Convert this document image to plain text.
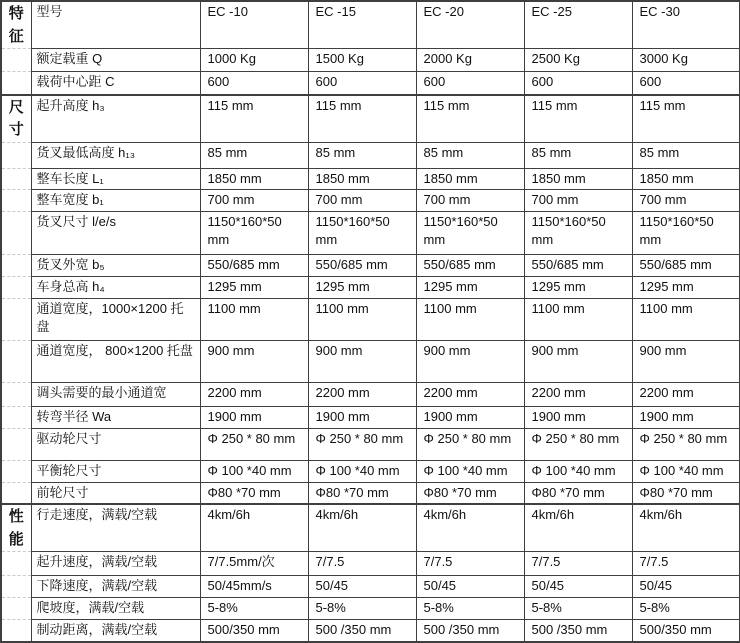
特征	型号	EC -10	EC -15	EC -20	EC -25	EC -30
	额定载重 Q	1000 Kg	1500 Kg	2000 Kg	2500 Kg	3000 Kg
	载荷中心距 C	600	600	600	600	600

尺寸	起升高度 h₃	115 mm	115 mm	115 mm	115 mm	115 mm
	货叉最低高度 h₁₃	85 mm	85 mm	85 mm	85 mm	85 mm
	整车长度 L₁	1850 mm	1850 mm	1850 mm	1850 mm	1850 mm
	整车宽度 b₁	700 mm	700 mm	700 mm	700 mm	700 mm
	货叉尺寸 l/e/s	1150*160*50 mm	1150*160*50 mm	1150*160*50 mm	1150*160*50 mm	1150*160*50 mm
	货叉外宽 b₅	550/685 mm	550/685 mm	550/685 mm	550/685 mm	550/685 mm
	车身总高 h₄	1295 mm	1295 mm	1295 mm	1295 mm	1295 mm
	通道宽度，1000×1200 托盘	1100 mm	1100 mm	1100 mm	1100 mm	1100 mm
	通道宽度， 800×1200 托盘	900 mm	900 mm	900 mm	900 mm	900 mm
	调头需要的最小通道宽	2200 mm	2200 mm	2200 mm	2200 mm	2200 mm
	转弯半径 Wa	1900 mm	1900 mm	1900 mm	1900 mm	1900 mm
	驱动轮尺寸	Φ 250 * 80 mm	Φ 250 * 80 mm	Φ 250 * 80 mm	Φ 250 * 80 mm	Φ 250 * 80 mm
	平衡轮尺寸	Φ 100 *40 mm	Φ 100 *40 mm	Φ 100 *40 mm	Φ 100 *40 mm	Φ 100 *40 mm
	前轮尺寸	Φ80 *70 mm	Φ80 *70 mm	Φ80 *70 mm	Φ80 *70 mm	Φ80 *70 mm

性能	行走速度，满载/空载	4km/6h	4km/6h	4km/6h	4km/6h	4km/6h
	起升速度，满载/空载	7/7.5mm/次	7/7.5	7/7.5	7/7.5	7/7.5
	下降速度，满载/空载	50/45mm/s	50/45	50/45	50/45	50/45
	爬坡度，满载/空载	5-8%	5-8%	5-8%	5-8%	5-8%
	制动距离，满载/空载	500/350 mm	500 /350 mm	500 /350 mm	500 /350 mm	500/350 mm
